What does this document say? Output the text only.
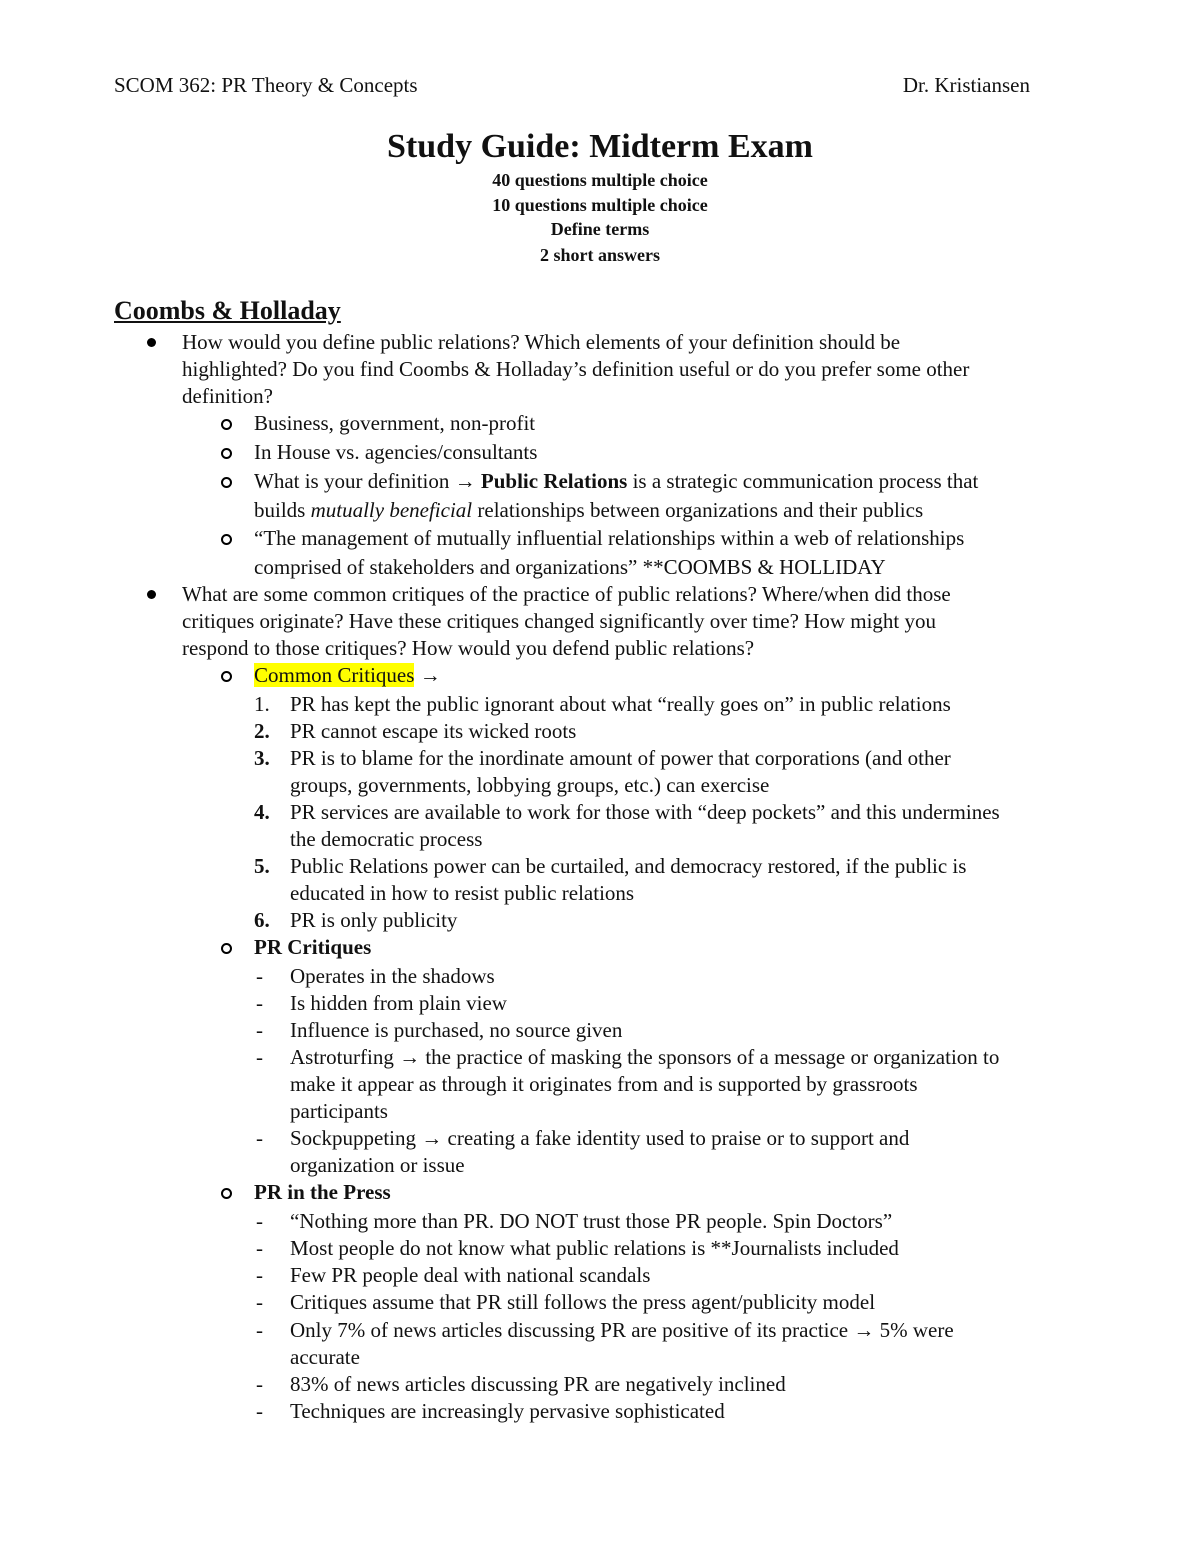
SCOM 362: PR Theory & Concepts	Dr. Kristiansen
Study Guide: Midterm Exam
40 questions multiple choice
10 questions multiple choice
Define terms
2 short answers
Coombs & Holladay
How would you define public relations? Which elements of your definition should be
highlighted? Do you find Coombs & Holladay’s definition useful or do you prefer some other
definition?
Business, government, non-profit
In House vs. agencies/consultants
What is your definition → Public Relations is a strategic communication process that
builds mutually beneficial relationships between organizations and their publics
“The management of mutually influential relationships within a web of relationships
comprised of stakeholders and organizations” **COOMBS & HOLLIDAY
What are some common critiques of the practice of public relations? Where/when did those
critiques originate? Have these critiques changed significantly over time? How might you
respond to those critiques? How would you defend public relations?
Common Critiques →
1. PR has kept the public ignorant about what “really goes on” in public relations
2. PR cannot escape its wicked roots
3. PR is to blame for the inordinate amount of power that corporations (and other
groups, governments, lobbying groups, etc.) can exercise
4. PR services are available to work for those with “deep pockets” and this undermines
the democratic process
5. Public Relations power can be curtailed, and democracy restored, if the public is
educated in how to resist public relations
6. PR is only publicity
PR Critiques
- Operates in the shadows
- Is hidden from plain view
- Influence is purchased, no source given
- Astroturfing → the practice of masking the sponsors of a message or organization to
make it appear as through it originates from and is supported by grassroots
participants
- Sockpuppeting → creating a fake identity used to praise or to support and
organization or issue
PR in the Press
- “Nothing more than PR. DO NOT trust those PR people. Spin Doctors”
- Most people do not know what public relations is **Journalists included
- Few PR people deal with national scandals
- Critiques assume that PR still follows the press agent/publicity model
- Only 7% of news articles discussing PR are positive of its practice → 5% were
accurate
- 83% of news articles discussing PR are negatively inclined
- Techniques are increasingly pervasive sophisticated
